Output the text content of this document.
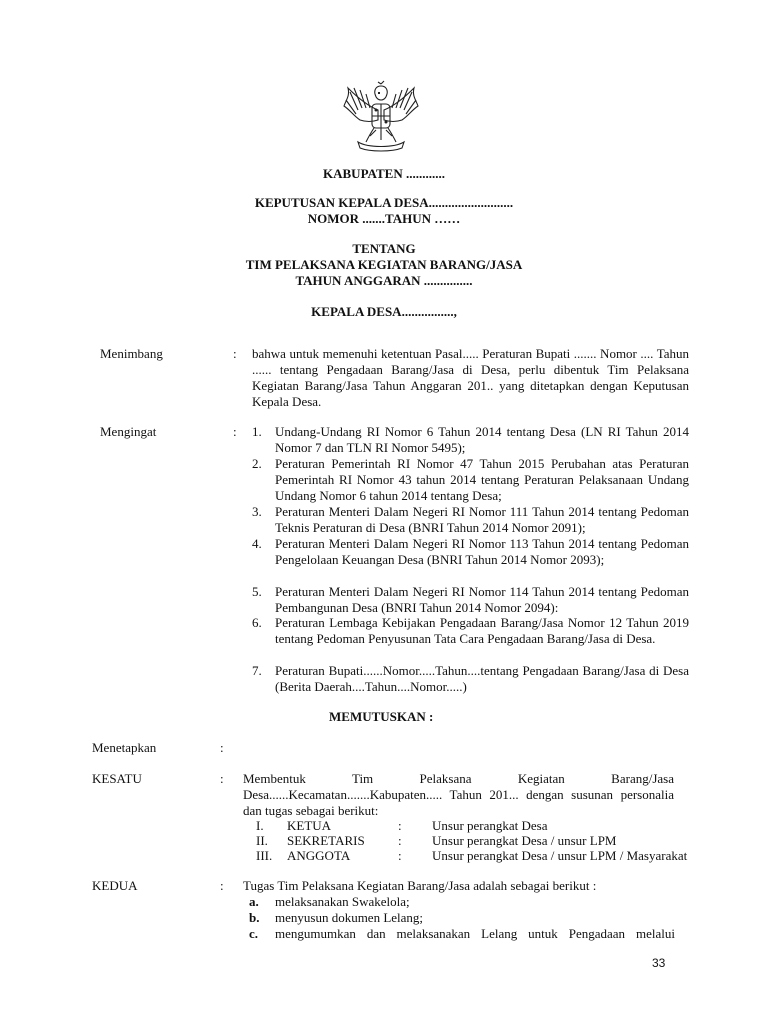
KABUPATEN ............
KEPUTUSAN KEPALA DESA..........................
NOMOR .......TAHUN ……
TENTANG
TIM PELAKSANA KEGIATAN BARANG/JASA
TAHUN ANGGARAN ...............
KEPALA DESA................,
Menimbang	: bahwa untuk memenuhi ketentuan Pasal..... Peraturan Bupati ....... Nomor .... Tahun ...... tentang Pengadaan Barang/Jasa di Desa, perlu dibentuk Tim Pelaksana Kegiatan Barang/Jasa Tahun Anggaran 201.. yang ditetapkan dengan Keputusan Kepala Desa.
Mengingat	: 1. Undang-Undang RI Nomor 6 Tahun 2014 tentang Desa (LN RI Tahun 2014 Nomor 7 dan TLN RI Nomor 5495);
2. Peraturan Pemerintah RI Nomor 47 Tahun 2015 Perubahan atas Peraturan Pemerintah RI Nomor 43 tahun 2014 tentang Peraturan Pelaksanaan Undang Undang Nomor 6 tahun 2014 tentang Desa;
3. Peraturan Menteri Dalam Negeri RI Nomor 111 Tahun 2014 tentang Pedoman Teknis Peraturan di Desa (BNRI Tahun 2014 Nomor 2091);
4. Peraturan Menteri Dalam Negeri RI Nomor 113 Tahun 2014 tentang Pedoman Pengelolaan Keuangan Desa (BNRI Tahun 2014 Nomor 2093);
5. Peraturan Menteri Dalam Negeri RI Nomor 114 Tahun 2014 tentang Pedoman Pembangunan Desa (BNRI Tahun 2014 Nomor 2094):
6. Peraturan Lembaga Kebijakan Pengadaan Barang/Jasa Nomor 12 Tahun 2019 tentang Pedoman Penyusunan Tata Cara Pengadaan Barang/Jasa di Desa.
7. Peraturan Bupati......Nomor.....Tahun....tentang Pengadaan Barang/Jasa di Desa (Berita Daerah....Tahun....Nomor.....)
MEMUTUSKAN :
Menetapkan	:
KESATU	: Membentuk Tim Pelaksana Kegiatan Barang/Jasa Desa......Kecamatan.......Kabupaten..... Tahun 201... dengan susunan personalia dan tugas sebagai berikut:
I. KETUA	: Unsur perangkat Desa
II. SEKRETARIS	: Unsur perangkat Desa / unsur LPM
III. ANGGOTA	: Unsur perangkat Desa / unsur LPM / Masyarakat
KEDUA	: Tugas Tim Pelaksana Kegiatan Barang/Jasa adalah sebagai berikut :
a. melaksanakan Swakelola;
b. menyusun dokumen Lelang;
c. mengumumkan dan melaksanakan Lelang untuk Pengadaan melalui
33
